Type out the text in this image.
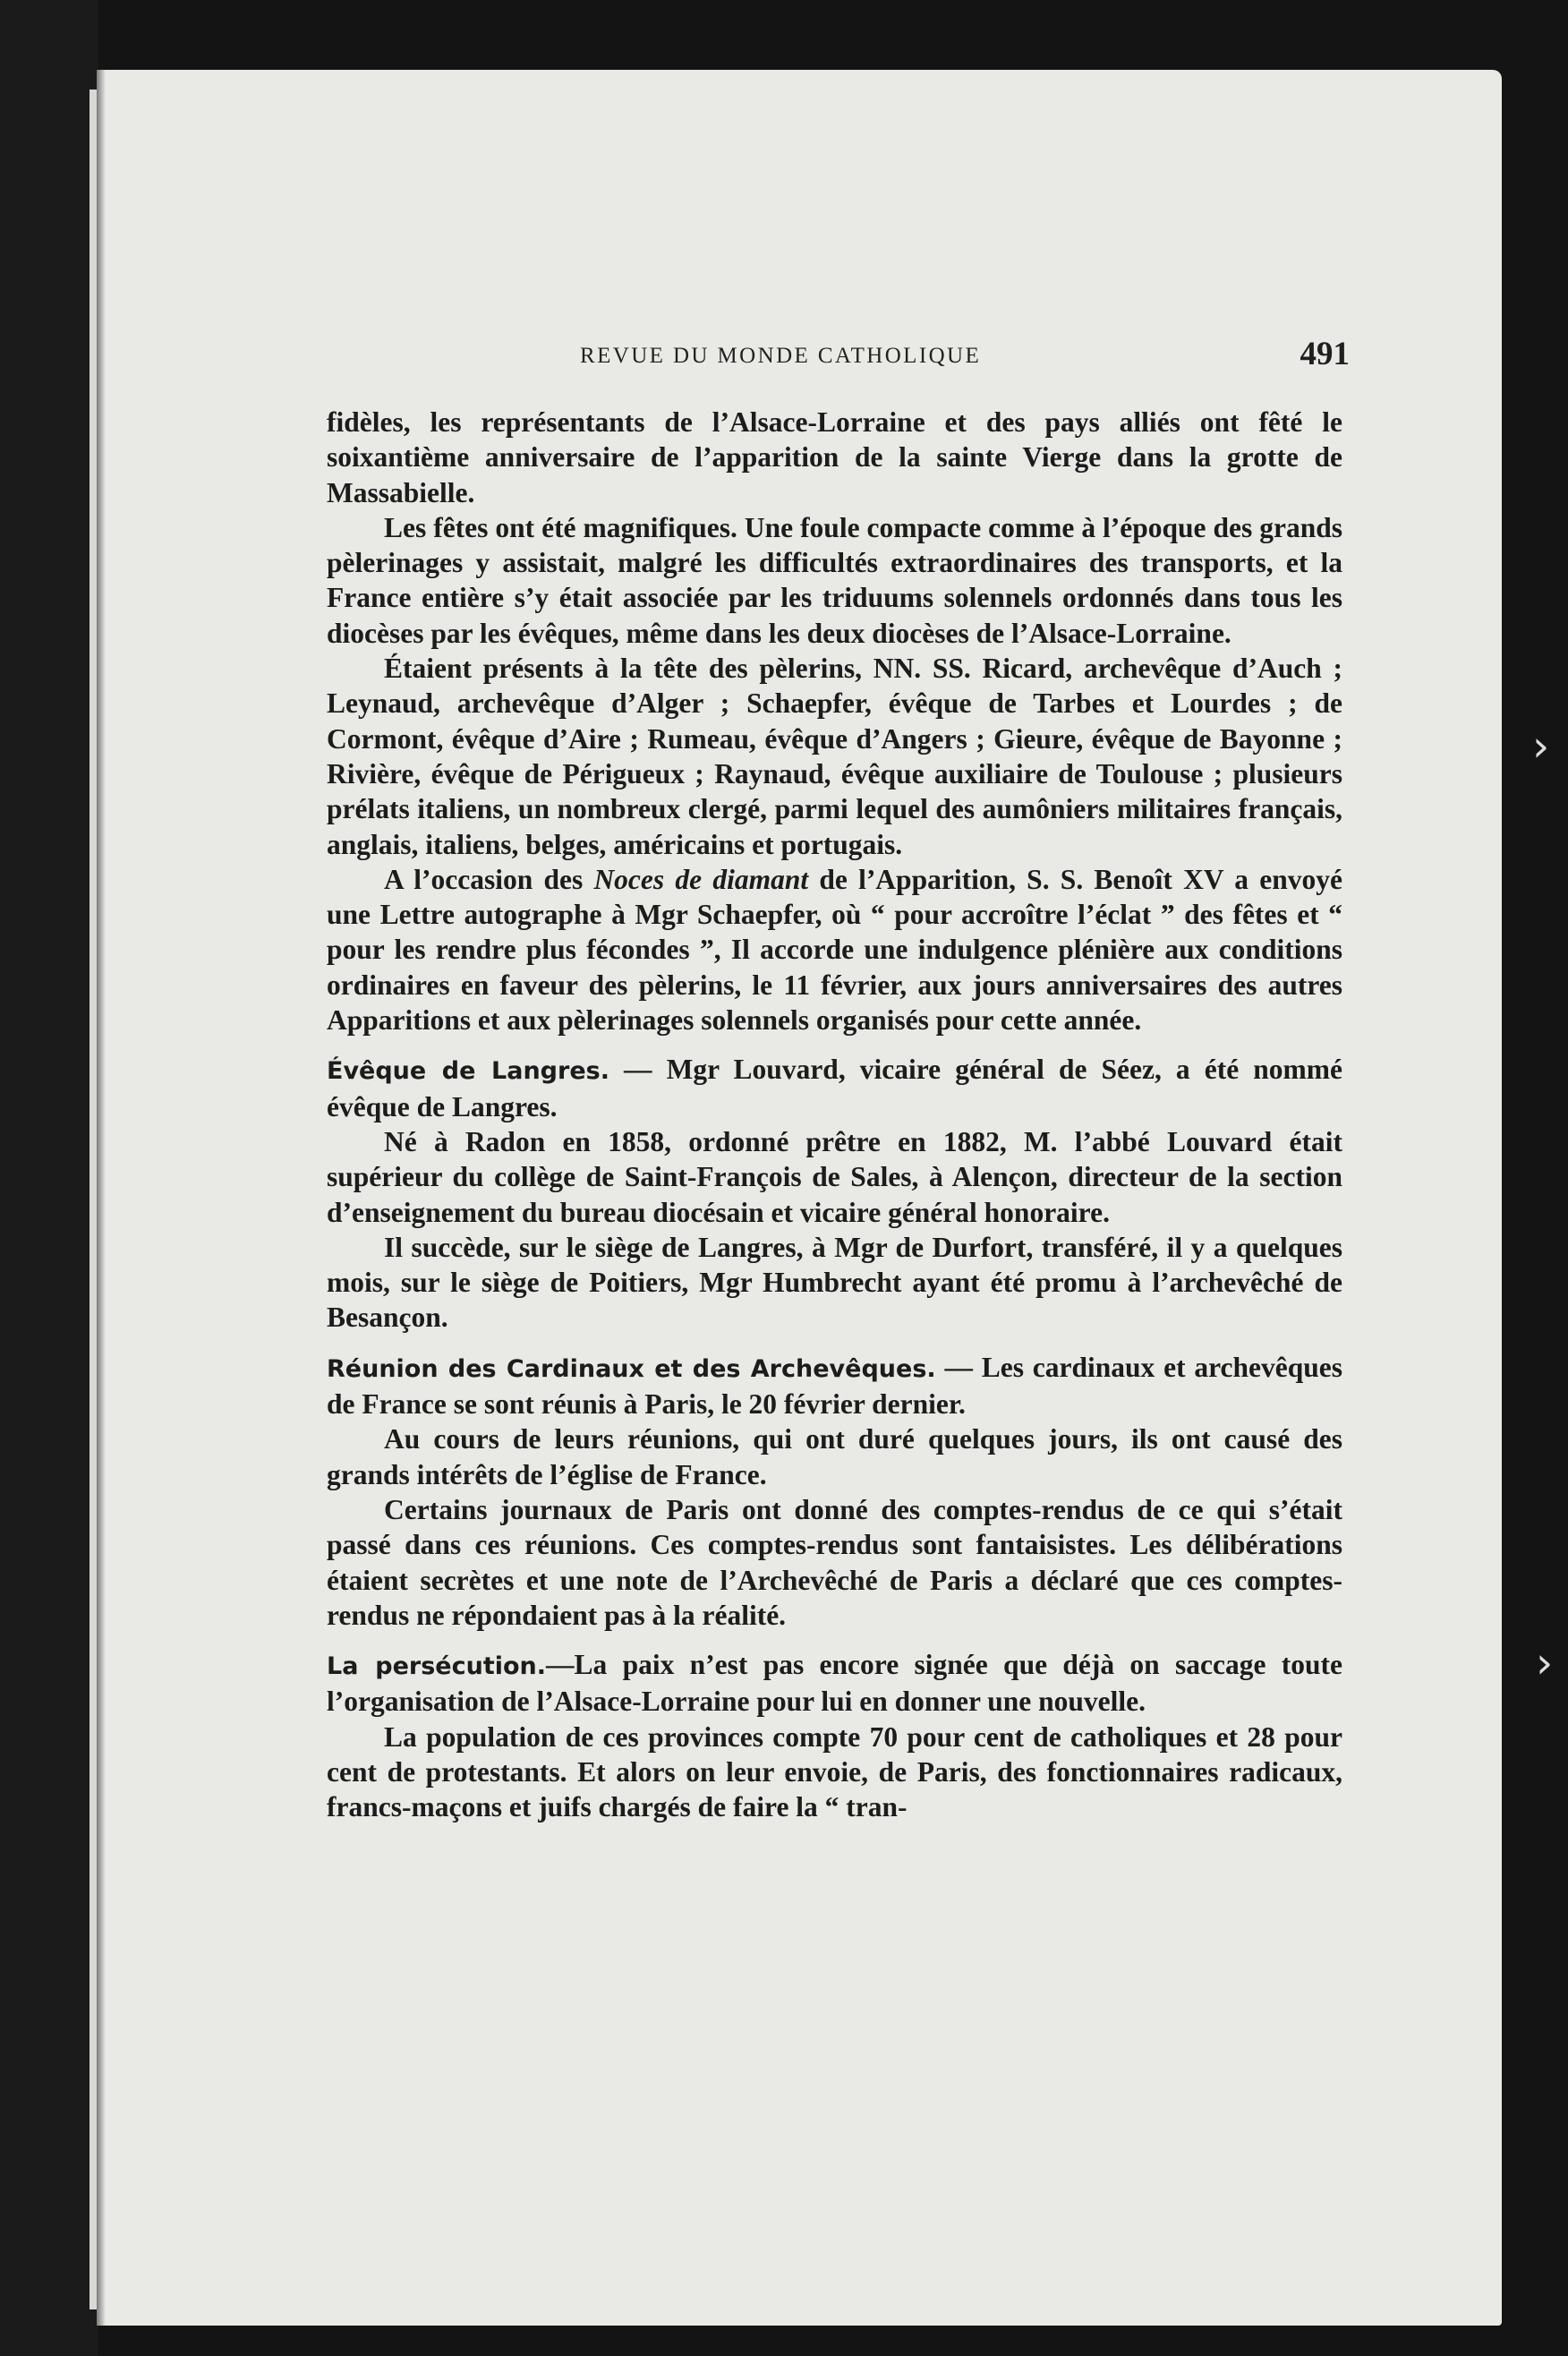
REVUE DU MONDE CATHOLIQUE	491

fidèles, les représentants de l’Alsace-Lorraine et des pays alliés ont fêté le soixantième anniversaire de l’apparition de la sainte Vierge dans la grotte de Massabielle.

Les fêtes ont été magnifiques. Une foule compacte comme à l’époque des grands pèlerinages y assistait, malgré les difficultés extraordinaires des transports, et la France entière s’y était associée par les triduums solennels ordonnés dans tous les diocèses par les évêques, même dans les deux diocèses de l’Alsace-Lorraine.

Étaient présents à la tête des pèlerins, NN. SS. Ricard, archevêque d’Auch ; Leynaud, archevêque d’Alger ; Schaepfer, évêque de Tarbes et Lourdes ; de Cormont, évêque d’Aire ; Rumeau, évêque d’Angers ; Gieure, évêque de Bayonne ; Rivière, évêque de Périgueux ; Raynaud, évêque auxiliaire de Toulouse ; plusieurs prélats italiens, un nombreux clergé, parmi lequel des aumôniers militaires français, anglais, italiens, belges, américains et portugais.

A l’occasion des Noces de diamant de l’Apparition, S. S. Benoît XV a envoyé une Lettre autographe à Mgr Schaepfer, où “ pour accroître l’éclat ” des fêtes et “ pour les rendre plus fécondes ”, Il accorde une indulgence plénière aux conditions ordinaires en faveur des pèlerins, le 11 février, aux jours anniversaires des autres Apparitions et aux pèlerinages solennels organisés pour cette année.

Évêque de Langres. — Mgr Louvard, vicaire général de Séez, a été nommé évêque de Langres.

Né à Radon en 1858, ordonné prêtre en 1882, M. l’abbé Louvard était supérieur du collège de Saint-François de Sales, à Alençon, directeur de la section d’enseignement du bureau diocésain et vicaire général honoraire.

Il succède, sur le siège de Langres, à Mgr de Durfort, transféré, il y a quelques mois, sur le siège de Poitiers, Mgr Humbrecht ayant été promu à l’archevêché de Besançon.

Réunion des Cardinaux et des Archevêques. — Les cardinaux et archevêques de France se sont réunis à Paris, le 20 février dernier.

Au cours de leurs réunions, qui ont duré quelques jours, ils ont causé des grands intérêts de l’église de France.

Certains journaux de Paris ont donné des comptes-rendus de ce qui s’était passé dans ces réunions. Ces comptes-rendus sont fantaisistes. Les délibérations étaient secrètes et une note de l’Archevêché de Paris a déclaré que ces comptes-rendus ne répondaient pas à la réalité.

La persécution.—La paix n’est pas encore signée que déjà on saccage toute l’organisation de l’Alsace-Lorraine pour lui en donner une nouvelle.

La population de ces provinces compte 70 pour cent de catholiques et 28 pour cent de protestants. Et alors on leur envoie, de Paris, des fonctionnaires radicaux, francs-maçons et juifs chargés de faire la “ tran-

›
›
